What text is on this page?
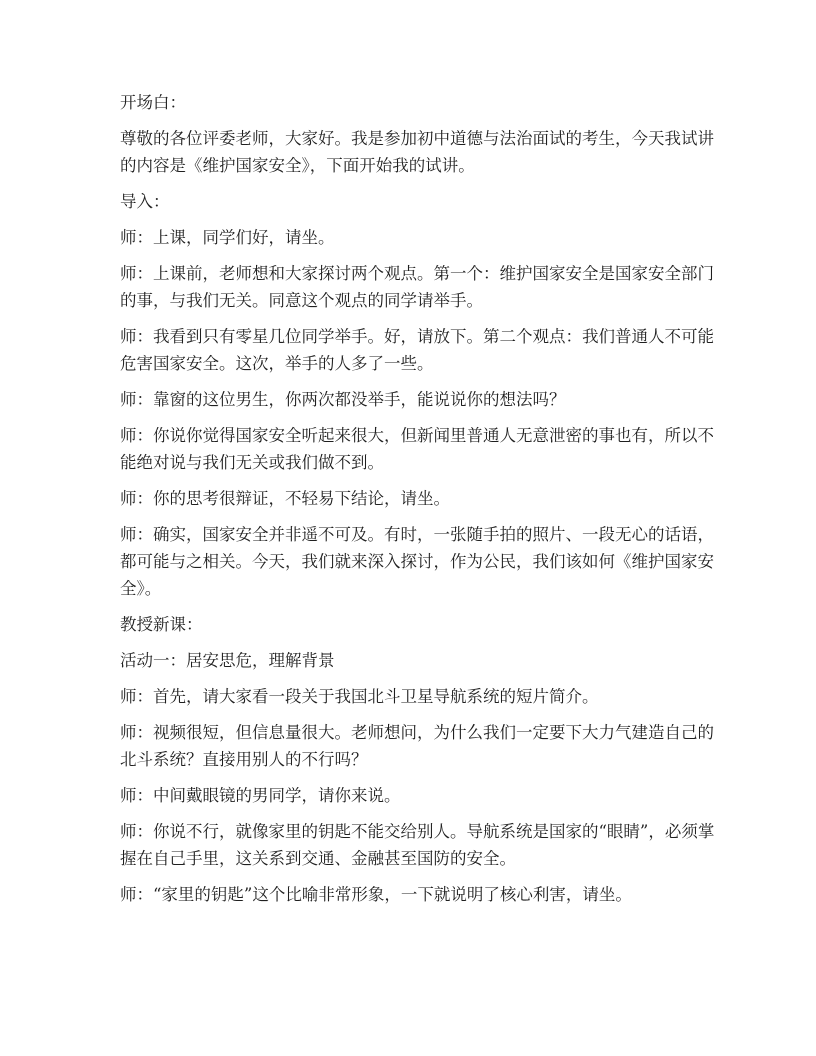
开场白：

尊敬的各位评委老师，大家好。我是参加初中道德与法治面试的考生，今天我试讲的内容是《维护国家安全》，下面开始我的试讲。

导入：

师：上课，同学们好，请坐。

师：上课前，老师想和大家探讨两个观点。第一个：维护国家安全是国家安全部门的事，与我们无关。同意这个观点的同学请举手。

师：我看到只有零星几位同学举手。好，请放下。第二个观点：我们普通人不可能危害国家安全。这次，举手的人多了一些。

师：靠窗的这位男生，你两次都没举手，能说说你的想法吗？

师：你说你觉得国家安全听起来很大，但新闻里普通人无意泄密的事也有，所以不能绝对说与我们无关或我们做不到。

师：你的思考很辩证，不轻易下结论，请坐。

师：确实，国家安全并非遥不可及。有时，一张随手拍的照片、一段无心的话语，都可能与之相关。今天，我们就来深入探讨，作为公民，我们该如何《维护国家安全》。

教授新课：

活动一：居安思危，理解背景

师：首先，请大家看一段关于我国北斗卫星导航系统的短片简介。

师：视频很短，但信息量很大。老师想问，为什么我们一定要下大力气建造自己的北斗系统？直接用别人的不行吗？

师：中间戴眼镜的男同学，请你来说。

师：你说不行，就像家里的钥匙不能交给别人。导航系统是国家的“眼睛”，必须掌握在自己手里，这关系到交通、金融甚至国防的安全。

师：“家里的钥匙”这个比喻非常形象，一下就说明了核心利害，请坐。
